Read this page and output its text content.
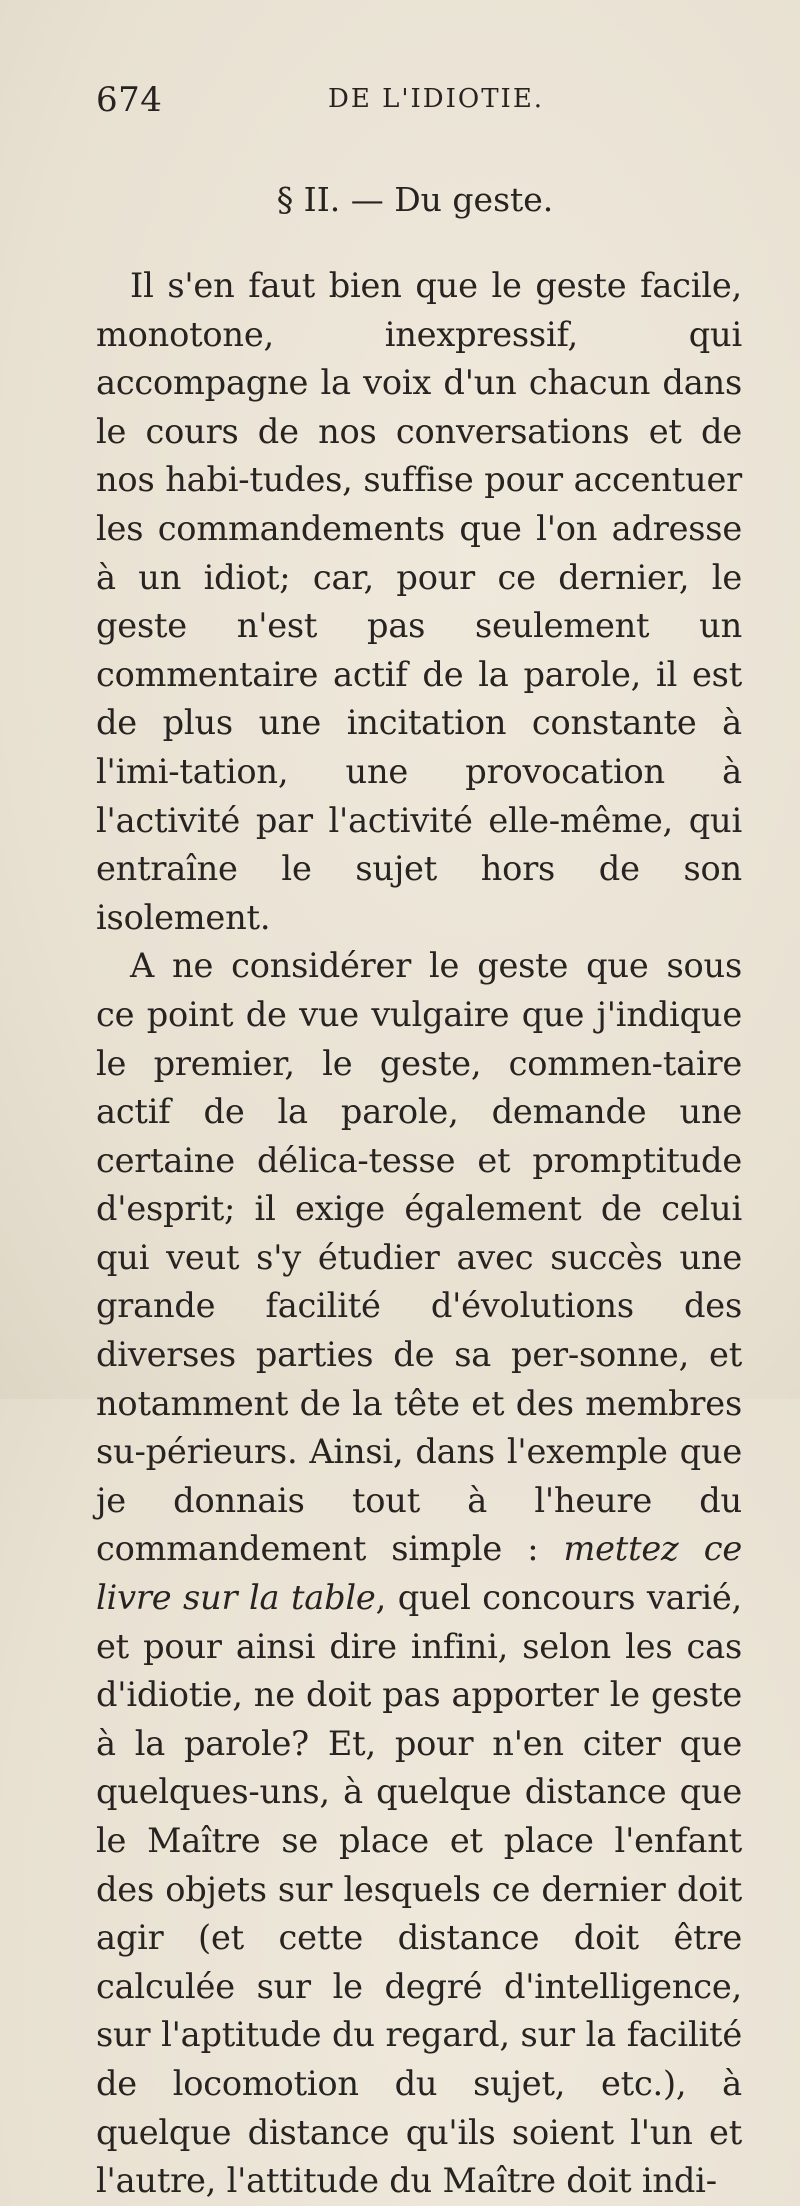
674	DE L'IDIOTIE.
§ II. — Du geste.

Il s'en faut bien que le geste facile, monotone, inexpressif, qui accompagne la voix d'un chacun dans le cours de nos conversations et de nos habi-tudes, suffise pour accentuer les commandements que l'on adresse à un idiot; car, pour ce dernier, le geste n'est pas seulement un commentaire actif de la parole, il est de plus une incitation constante à l'imi-tation, une provocation à l'activité par l'activité elle-même, qui entraîne le sujet hors de son isolement.

A ne considérer le geste que sous ce point de vue vulgaire que j'indique le premier, le geste, commen-taire actif de la parole, demande une certaine délica-tesse et promptitude d'esprit; il exige également de celui qui veut s'y étudier avec succès une grande facilité d'évolutions des diverses parties de sa per-sonne, et notamment de la tête et des membres su-périeurs. Ainsi, dans l'exemple que je donnais tout à l'heure du commandement simple : mettez ce livre sur la table, quel concours varié, et pour ainsi dire infini, selon les cas d'idiotie, ne doit pas apporter le geste à la parole? Et, pour n'en citer que quelques-uns, à quelque distance que le Maître se place et place l'enfant des objets sur lesquels ce dernier doit agir (et cette distance doit être calculée sur le degré d'intelligence, sur l'aptitude du regard, sur la facilité de locomotion du sujet, etc.), à quelque distance qu'ils soient l'un et l'autre, l'attitude du Maître doit indi-
